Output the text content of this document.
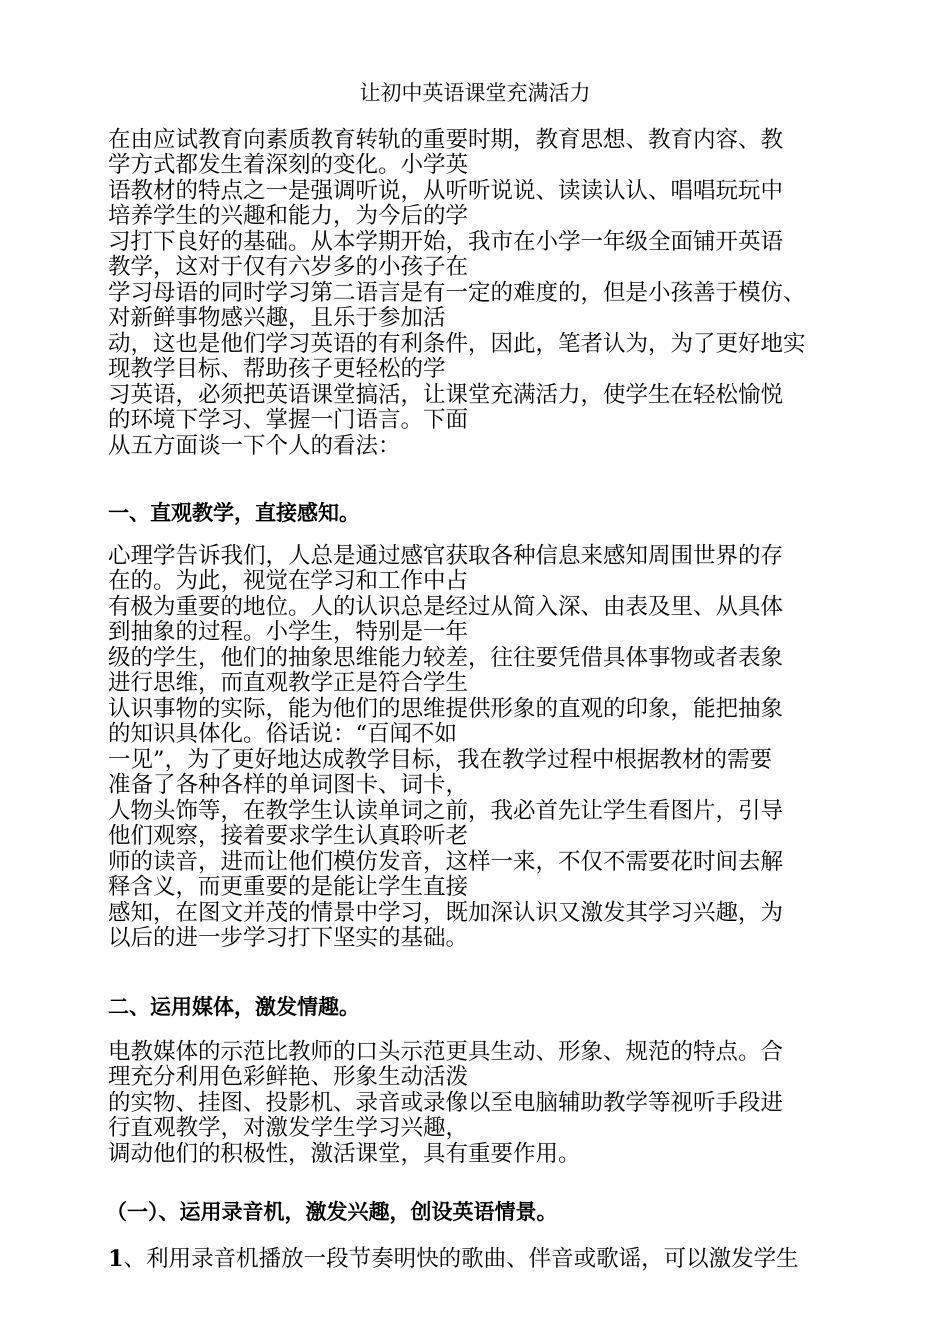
让初中英语课堂充满活力
在由应试教育向素质教育转轨的重要时期，教育思想、教育内容、教
学方式都发生着深刻的变化。小学英
语教材的特点之一是强调听说，从听听说说、读读认认、唱唱玩玩中
培养学生的兴趣和能力，为今后的学
习打下良好的基础。从本学期开始，我市在小学一年级全面铺开英语
教学，这对于仅有六岁多的小孩子在
学习母语的同时学习第二语言是有一定的难度的，但是小孩善于模仿、
对新鲜事物感兴趣，且乐于参加活
动，这也是他们学习英语的有利条件，因此，笔者认为，为了更好地实
现教学目标、帮助孩子更轻松的学
习英语，必须把英语课堂搞活，让课堂充满活力，使学生在轻松愉悦
的环境下学习、掌握一门语言。下面
从五方面谈一下个人的看法：
一、直观教学，直接感知。
心理学告诉我们，人总是通过感官获取各种信息来感知周围世界的存
在的。为此，视觉在学习和工作中占
有极为重要的地位。人的认识总是经过从简入深、由表及里、从具体
到抽象的过程。小学生，特别是一年
级的学生，他们的抽象思维能力较差，往往要凭借具体事物或者表象
进行思维，而直观教学正是符合学生
认识事物的实际，能为他们的思维提供形象的直观的印象，能把抽象
的知识具体化。俗话说：“百闻不如
一见”，为了更好地达成教学目标，我在教学过程中根据教材的需要
准备了各种各样的单词图卡、词卡，
人物头饰等，在教学生认读单词之前，我必首先让学生看图片，引导
他们观察，接着要求学生认真聆听老
师的读音，进而让他们模仿发音，这样一来，不仅不需要花时间去解
释含义，而更重要的是能让学生直接
感知，在图文并茂的情景中学习，既加深认识又激发其学习兴趣，为
以后的进一步学习打下坚实的基础。
二、运用媒体，激发情趣。
电教媒体的示范比教师的口头示范更具生动、形象、规范的特点。合
理充分利用色彩鲜艳、形象生动活泼
的实物、挂图、投影机、录音或录像以至电脑辅助教学等视听手段进
行直观教学，对激发学生学习兴趣，
调动他们的积极性，激活课堂，具有重要作用。
（一）、运用录音机，激发兴趣，创设英语情景。
1、利用录音机播放一段节奏明快的歌曲、伴音或歌谣，可以激发学生
